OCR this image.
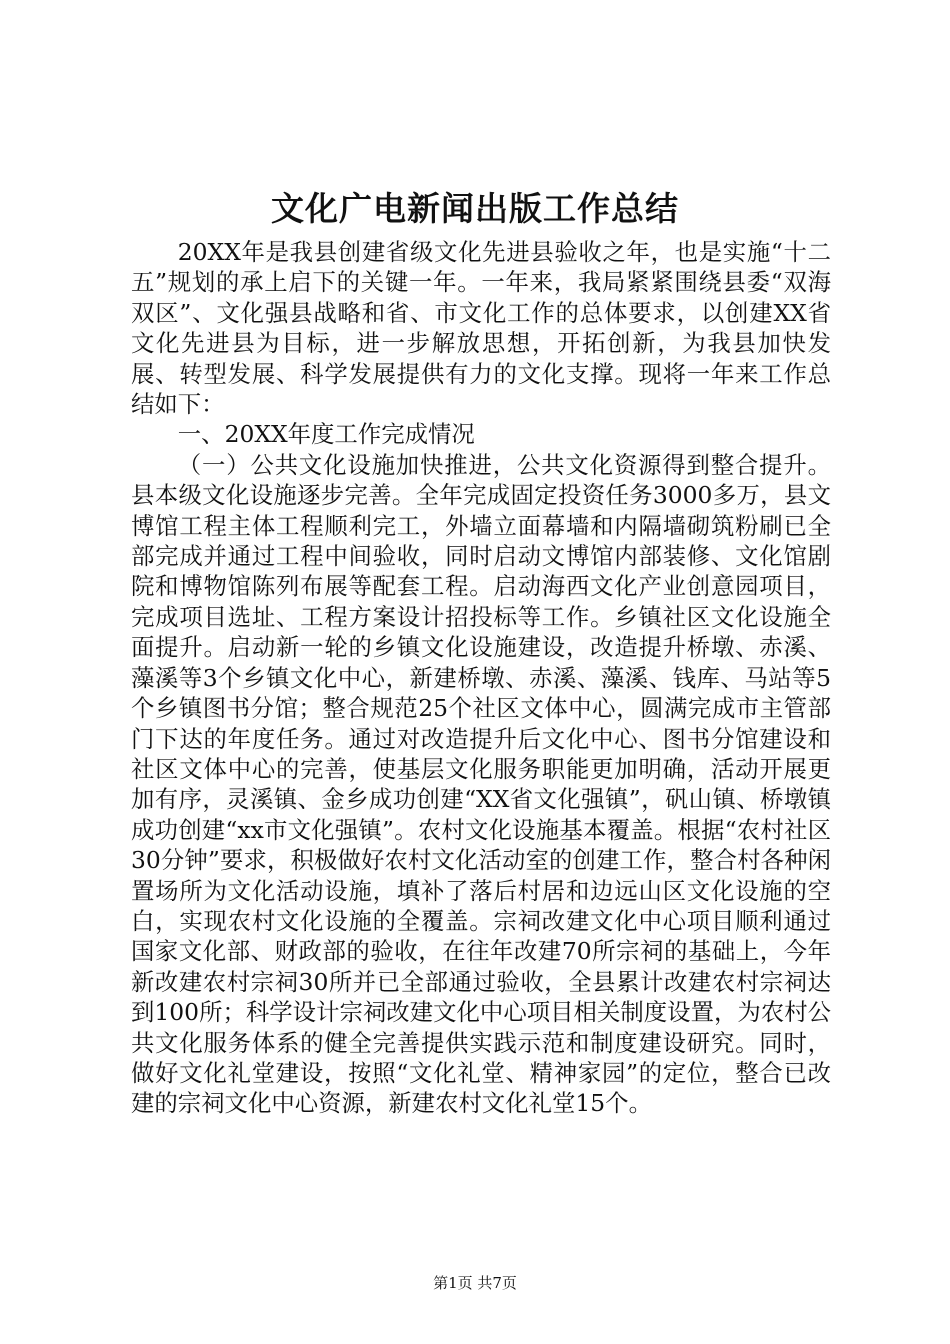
文化广电新闻出版工作总结

20XX年是我县创建省级文化先进县验收之年，也是实施“十二五”规划的承上启下的关键一年。一年来，我局紧紧围绕县委“双海双区”、文化强县战略和省、市文化工作的总体要求，以创建XX省文化先进县为目标，进一步解放思想，开拓创新，为我县加快发展、转型发展、科学发展提供有力的文化支撑。现将一年来工作总结如下：

一、20XX年度工作完成情况

（一）公共文化设施加快推进，公共文化资源得到整合提升。县本级文化设施逐步完善。全年完成固定投资任务3000多万，县文博馆工程主体工程顺利完工，外墙立面幕墙和内隔墙砌筑粉刷已全部完成并通过工程中间验收，同时启动文博馆内部装修、文化馆剧院和博物馆陈列布展等配套工程。启动海西文化产业创意园项目，完成项目选址、工程方案设计招投标等工作。乡镇社区文化设施全面提升。启动新一轮的乡镇文化设施建设，改造提升桥墩、赤溪、藻溪等3个乡镇文化中心，新建桥墩、赤溪、藻溪、钱库、马站等5个乡镇图书分馆；整合规范25个社区文体中心，圆满完成市主管部门下达的年度任务。通过对改造提升后文化中心、图书分馆建设和社区文体中心的完善，使基层文化服务职能更加明确，活动开展更加有序，灵溪镇、金乡成功创建“XX省文化强镇”，矾山镇、桥墩镇成功创建“xx市文化强镇”。农村文化设施基本覆盖。根据“农村社区30分钟”要求，积极做好农村文化活动室的创建工作，整合村各种闲置场所为文化活动设施，填补了落后村居和边远山区文化设施的空白，实现农村文化设施的全覆盖。宗祠改建文化中心项目顺利通过国家文化部、财政部的验收，在往年改建70所宗祠的基础上，今年新改建农村宗祠30所并已全部通过验收，全县累计改建农村宗祠达到100所；科学设计宗祠改建文化中心项目相关制度设置，为农村公共文化服务体系的健全完善提供实践示范和制度建设研究。同时，做好文化礼堂建设，按照“文化礼堂、精神家园”的定位，整合已改建的宗祠文化中心资源，新建农村文化礼堂15个。

第1页 共7页
